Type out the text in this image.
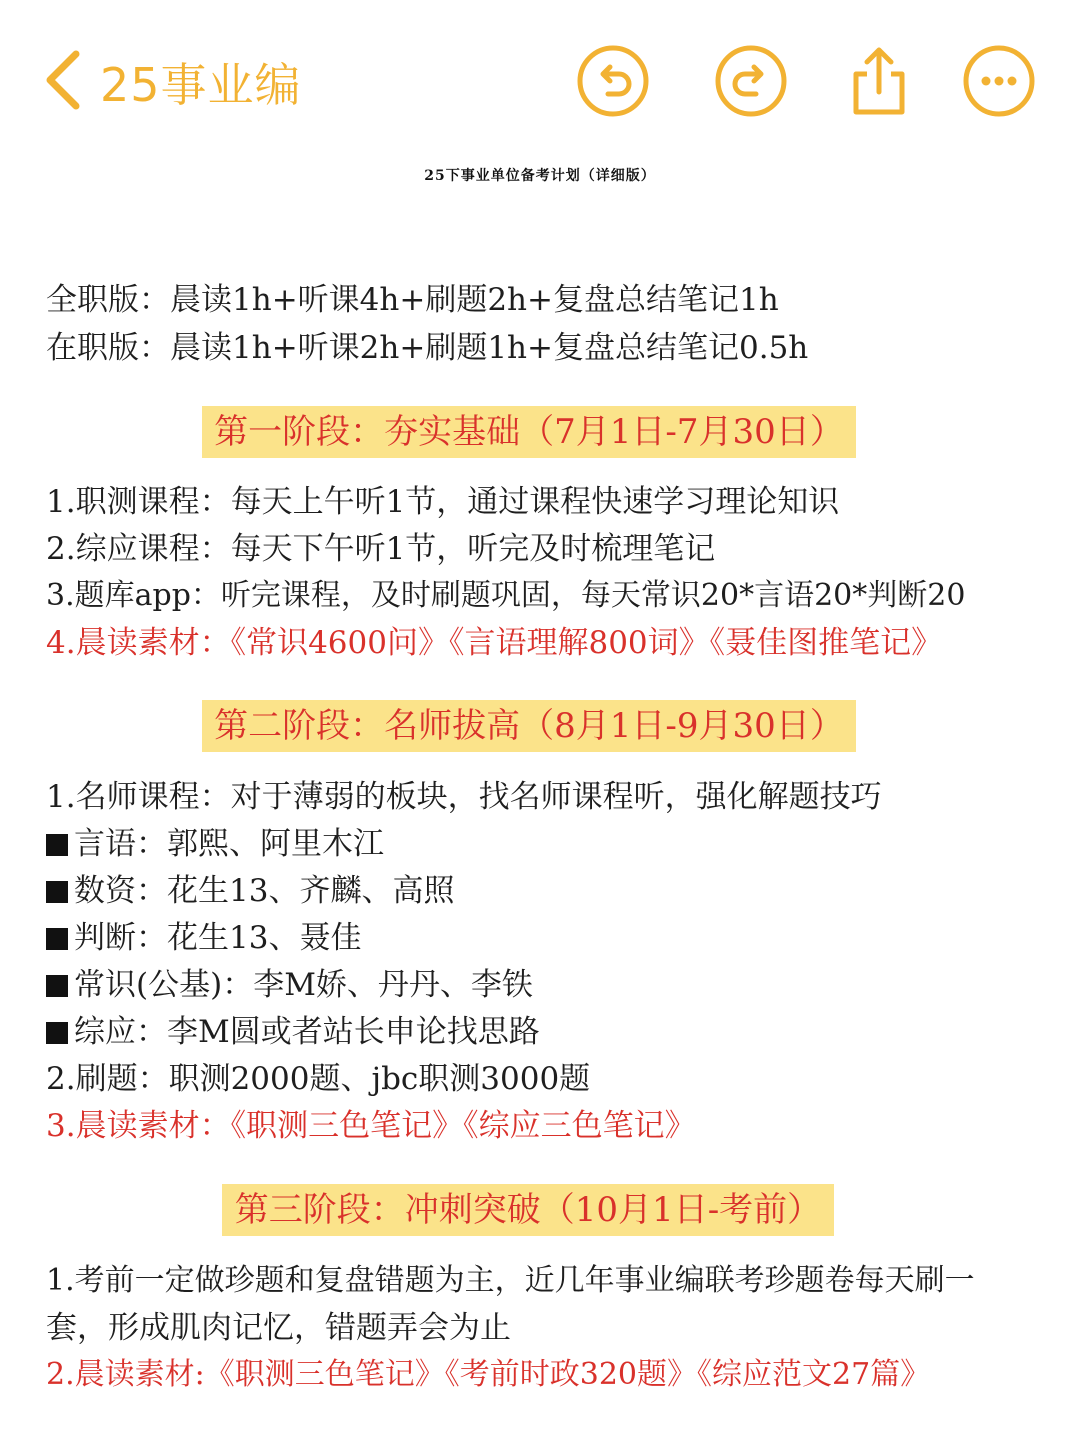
25事业编
25下事业单位备考计划（详细版）
全职版：晨读1h+听课4h+刷题2h+复盘总结笔记1h
在职版：晨读1h+听课2h+刷题1h+复盘总结笔记0.5h
第一阶段：夯实基础（7月1日-7月30日）
1.职测课程：每天上午听1节，通过课程快速学习理论知识
2.综应课程：每天下午听1节，听完及时梳理笔记
3.题库app：听完课程，及时刷题巩固，每天常识20*言语20*判断20
4.晨读素材：《常识4600问》《言语理解800词》《聂佳图推笔记》
第二阶段：名师拔高（8月1日-9月30日）
1.名师课程：对于薄弱的板块，找名师课程听，强化解题技巧
言语：郭熙、阿里木江
数资：花生13、齐麟、高照
判断：花生13、聂佳
常识(公基)：李M娇、丹丹、李铁
综应：李M圆或者站长申论找思路
2.刷题：职测2000题、jbc职测3000题
3.晨读素材：《职测三色笔记》《综应三色笔记》
第三阶段：冲刺突破（10月1日-考前）
1.考前一定做珍题和复盘错题为主，近几年事业编联考珍题卷每天刷一
套，形成肌肉记忆，错题弄会为止
2.晨读素材:《职测三色笔记》《考前时政320题》《综应范文27篇》
